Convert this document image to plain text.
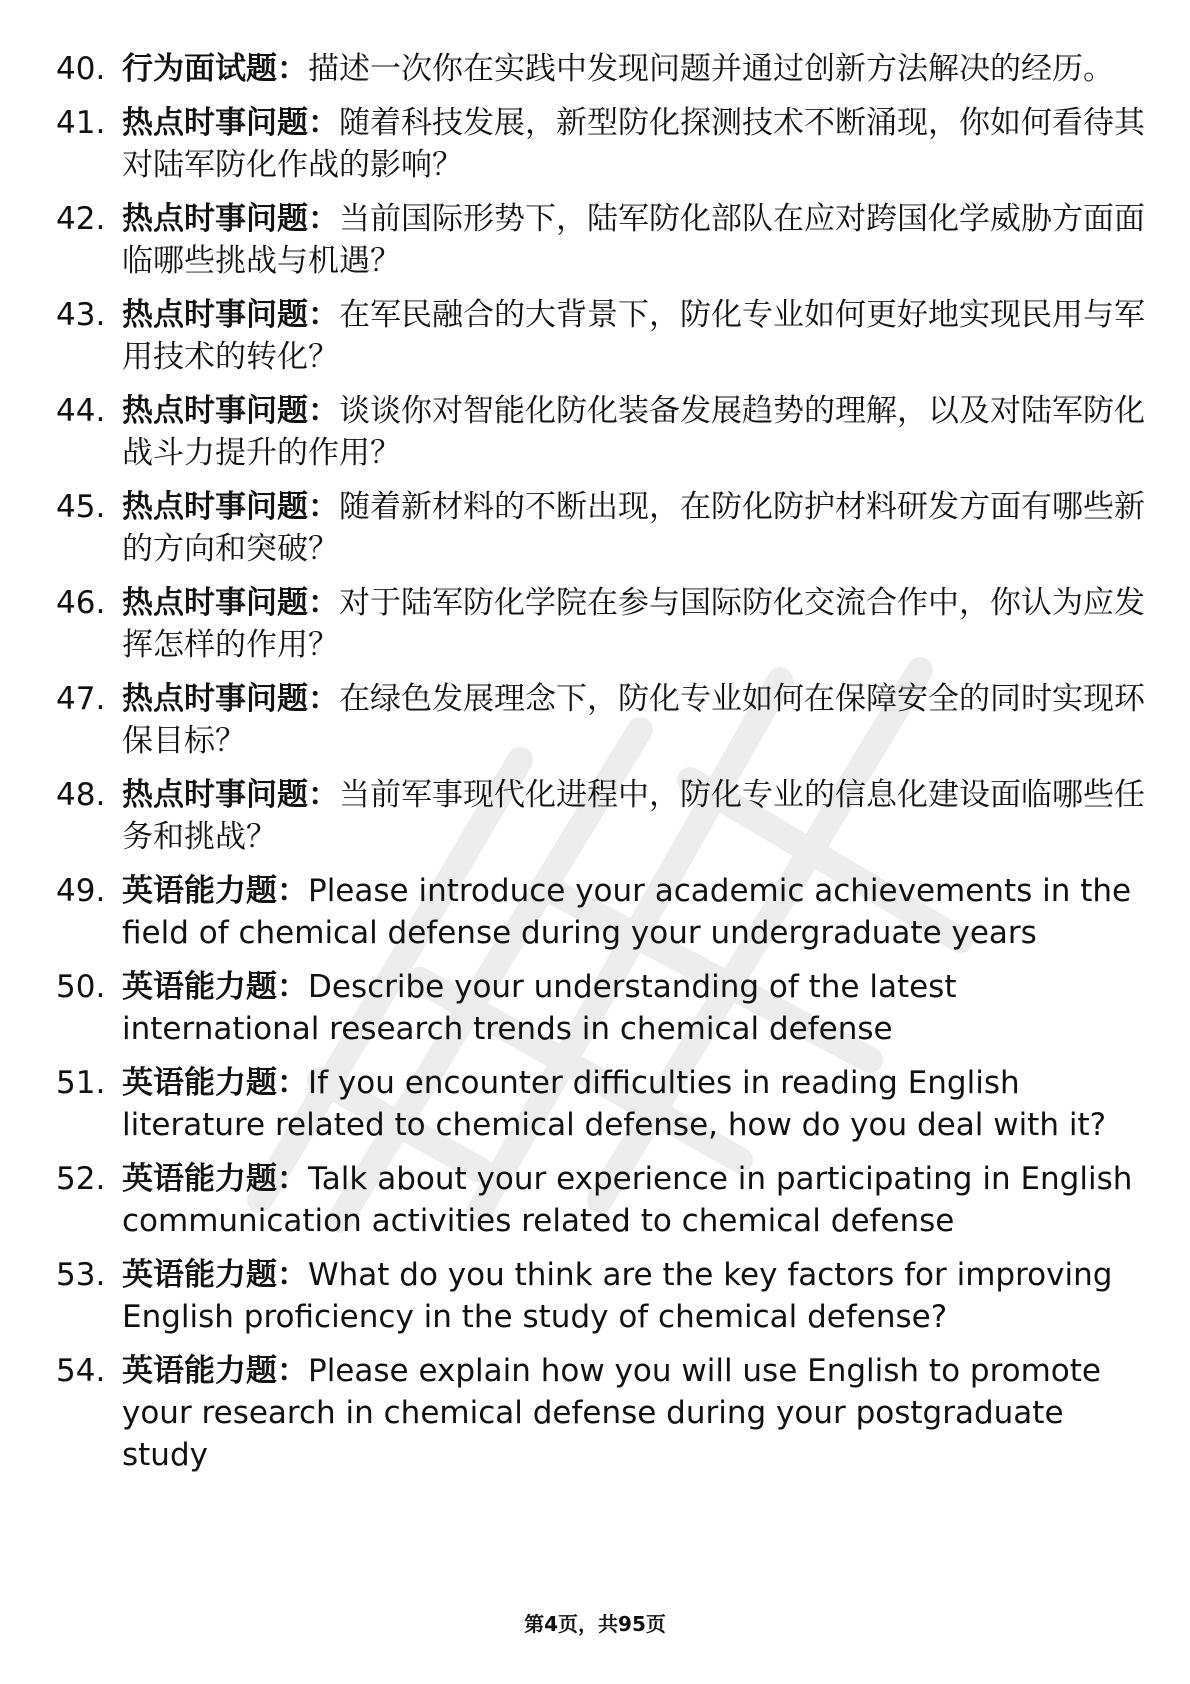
40. 行为面试题：描述一次你在实践中发现问题并通过创新方法解决的经历。
41. 热点时事问题：随着科技发展，新型防化探测技术不断涌现，你如何看待其对陆军防化作战的影响？
42. 热点时事问题：当前国际形势下，陆军防化部队在应对跨国化学威胁方面面临哪些挑战与机遇？
43. 热点时事问题：在军民融合的大背景下，防化专业如何更好地实现民用与军用技术的转化？
44. 热点时事问题：谈谈你对智能化防化装备发展趋势的理解，以及对陆军防化战斗力提升的作用？
45. 热点时事问题：随着新材料的不断出现，在防化防护材料研发方面有哪些新的方向和突破？
46. 热点时事问题：对于陆军防化学院在参与国际防化交流合作中，你认为应发挥怎样的作用？
47. 热点时事问题：在绿色发展理念下，防化专业如何在保障安全的同时实现环保目标？
48. 热点时事问题：当前军事现代化进程中，防化专业的信息化建设面临哪些任务和挑战？
49. 英语能力题：Please introduce your academic achievements in the field of chemical defense during your undergraduate years
50. 英语能力题：Describe your understanding of the latest international research trends in chemical defense
51. 英语能力题：If you encounter difficulties in reading English literature related to chemical defense, how do you deal with it?
52. 英语能力题：Talk about your experience in participating in English communication activities related to chemical defense
53. 英语能力题：What do you think are the key factors for improving English proficiency in the study of chemical defense?
54. 英语能力题：Please explain how you will use English to promote your research in chemical defense during your postgraduate study
第4页，共95页
